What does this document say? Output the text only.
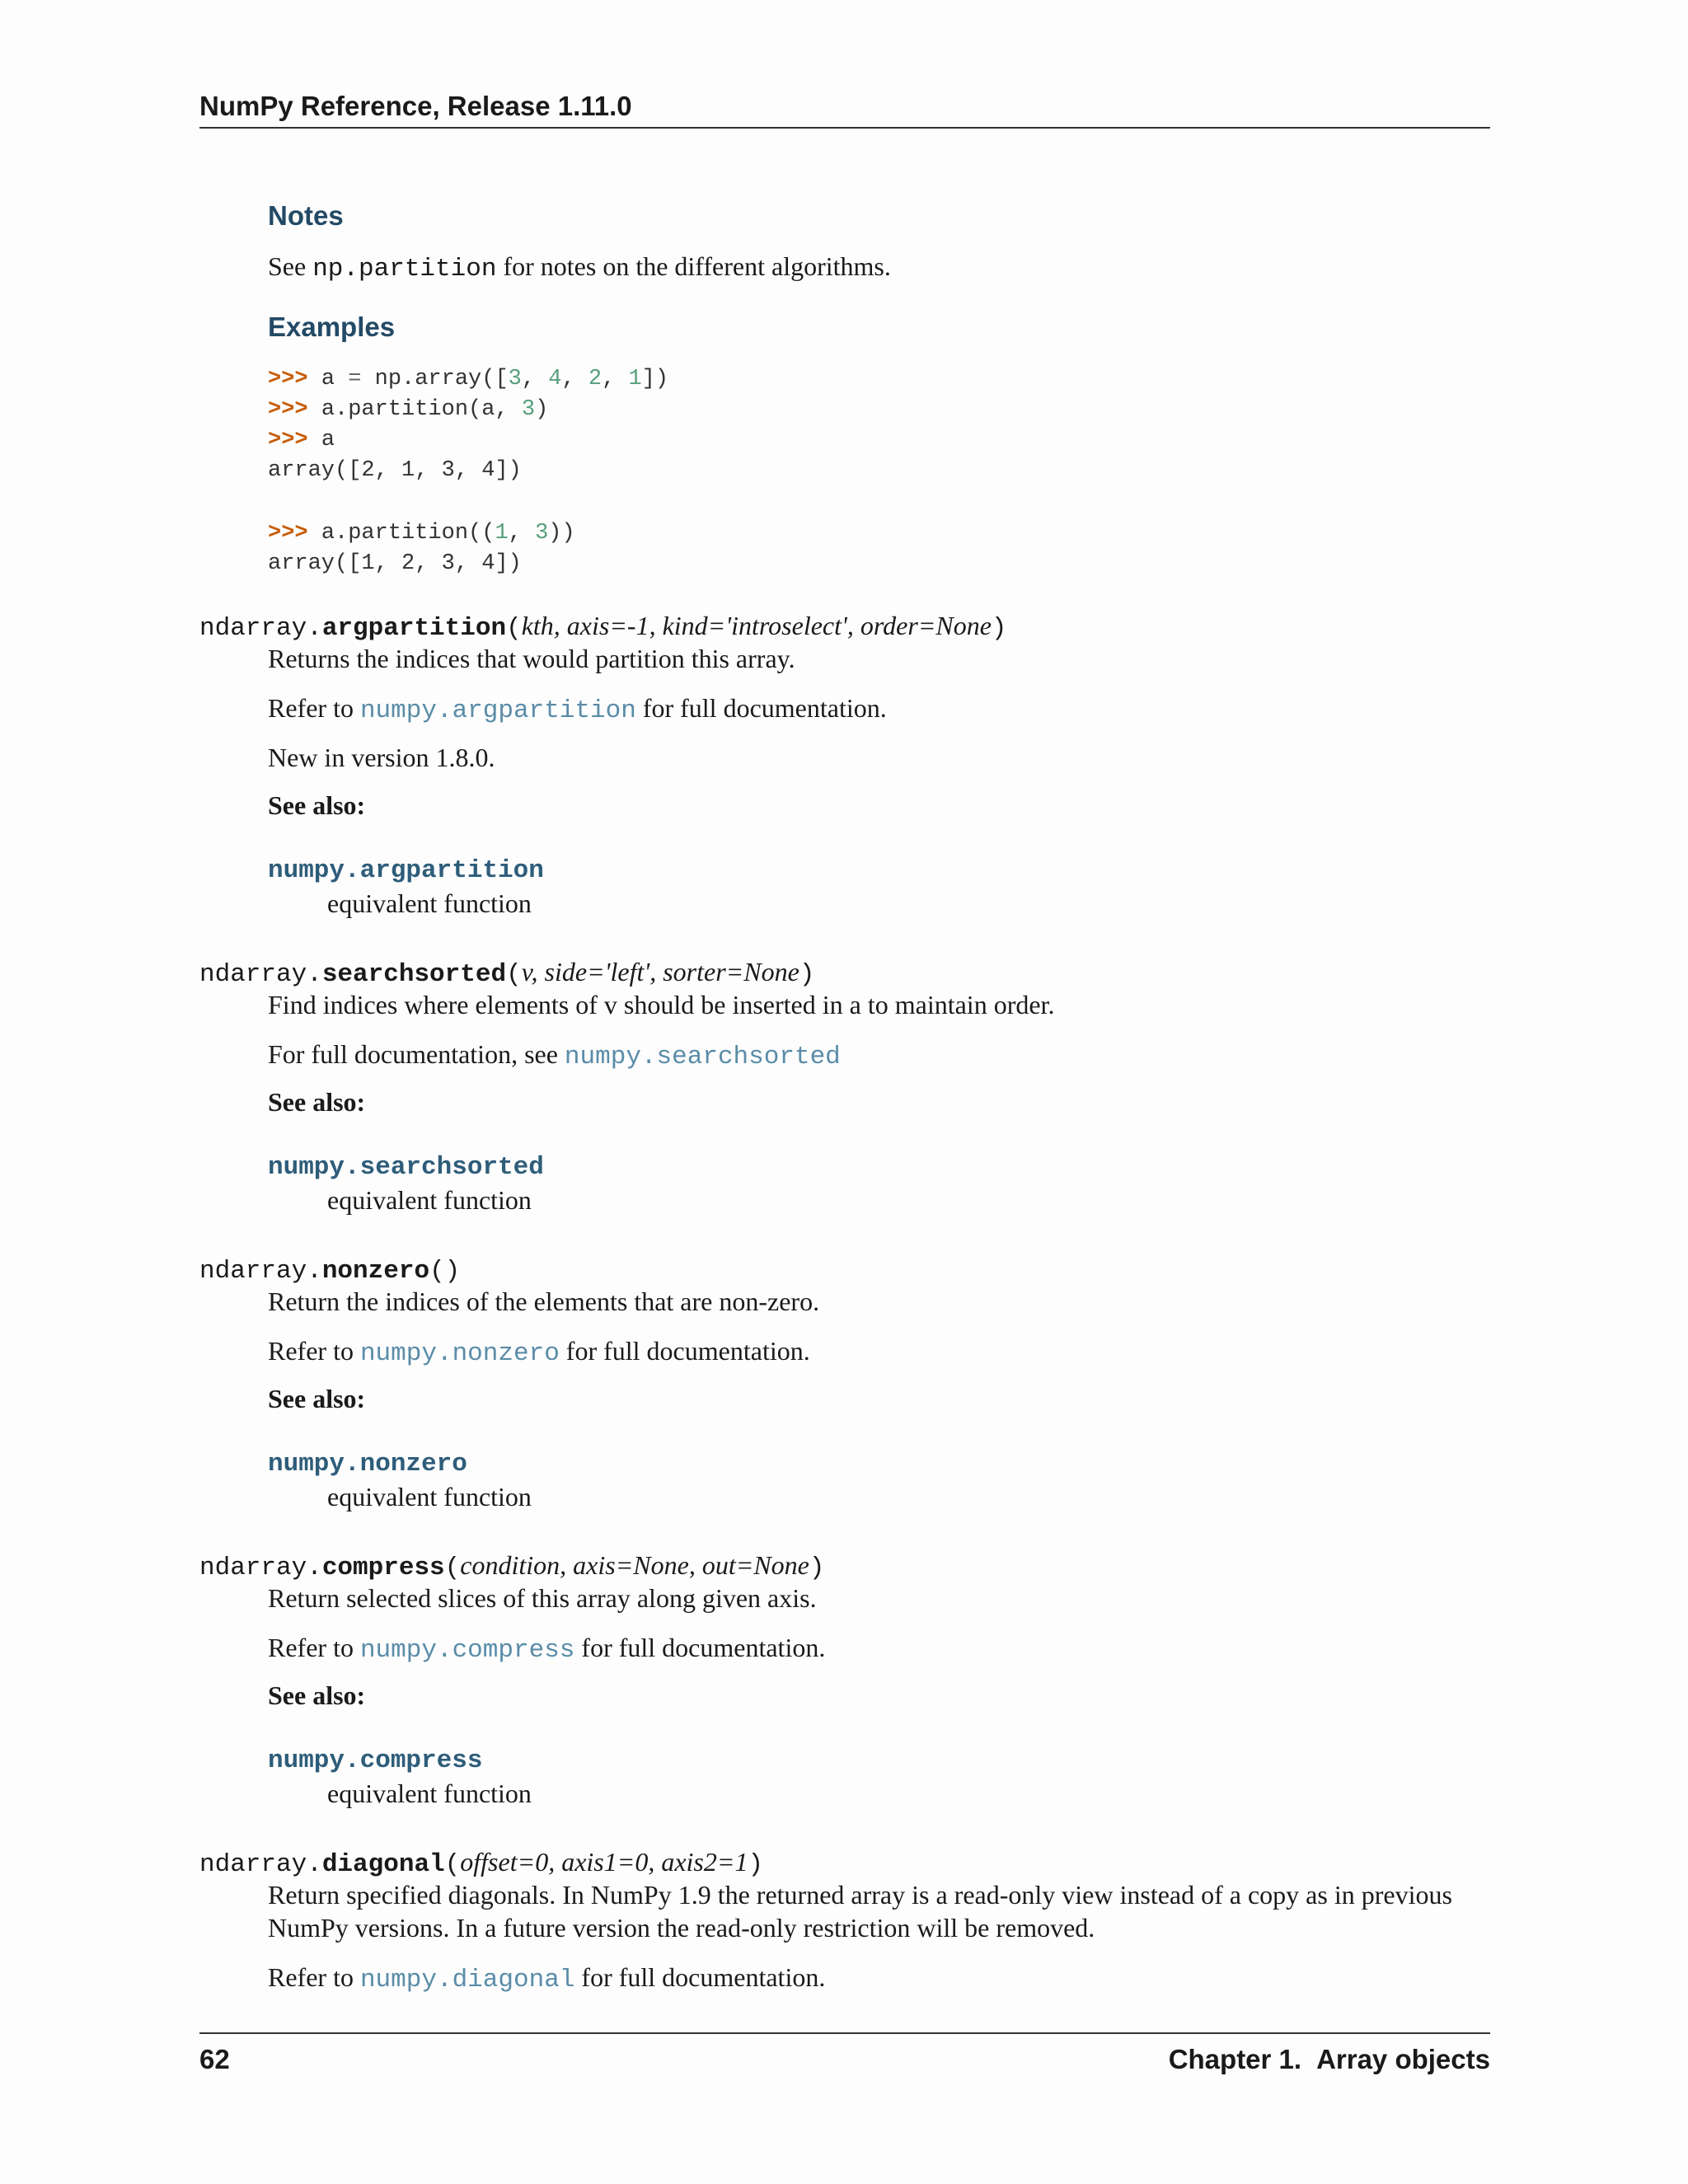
NumPy Reference, Release 1.11.0
Notes
See np.partition for notes on the different algorithms.
Examples
>>> a = np.array([3, 4, 2, 1])
>>> a.partition(a, 3)
>>> a
array([2, 1, 3, 4])
>>> a.partition((1, 3))
array([1, 2, 3, 4])
ndarray.argpartition(kth, axis=-1, kind='introselect', order=None)
Returns the indices that would partition this array.
Refer to numpy.argpartition for full documentation.
New in version 1.8.0.
See also:
numpy.argpartition
equivalent function
ndarray.searchsorted(v, side='left', sorter=None)
Find indices where elements of v should be inserted in a to maintain order.
For full documentation, see numpy.searchsorted
See also:
numpy.searchsorted
equivalent function
ndarray.nonzero()
Return the indices of the elements that are non-zero.
Refer to numpy.nonzero for full documentation.
See also:
numpy.nonzero
equivalent function
ndarray.compress(condition, axis=None, out=None)
Return selected slices of this array along given axis.
Refer to numpy.compress for full documentation.
See also:
numpy.compress
equivalent function
ndarray.diagonal(offset=0, axis1=0, axis2=1)
Return specified diagonals. In NumPy 1.9 the returned array is a read-only view instead of a copy as in previous NumPy versions. In a future version the read-only restriction will be removed.
Refer to numpy.diagonal for full documentation.
62	Chapter 1. Array objects
